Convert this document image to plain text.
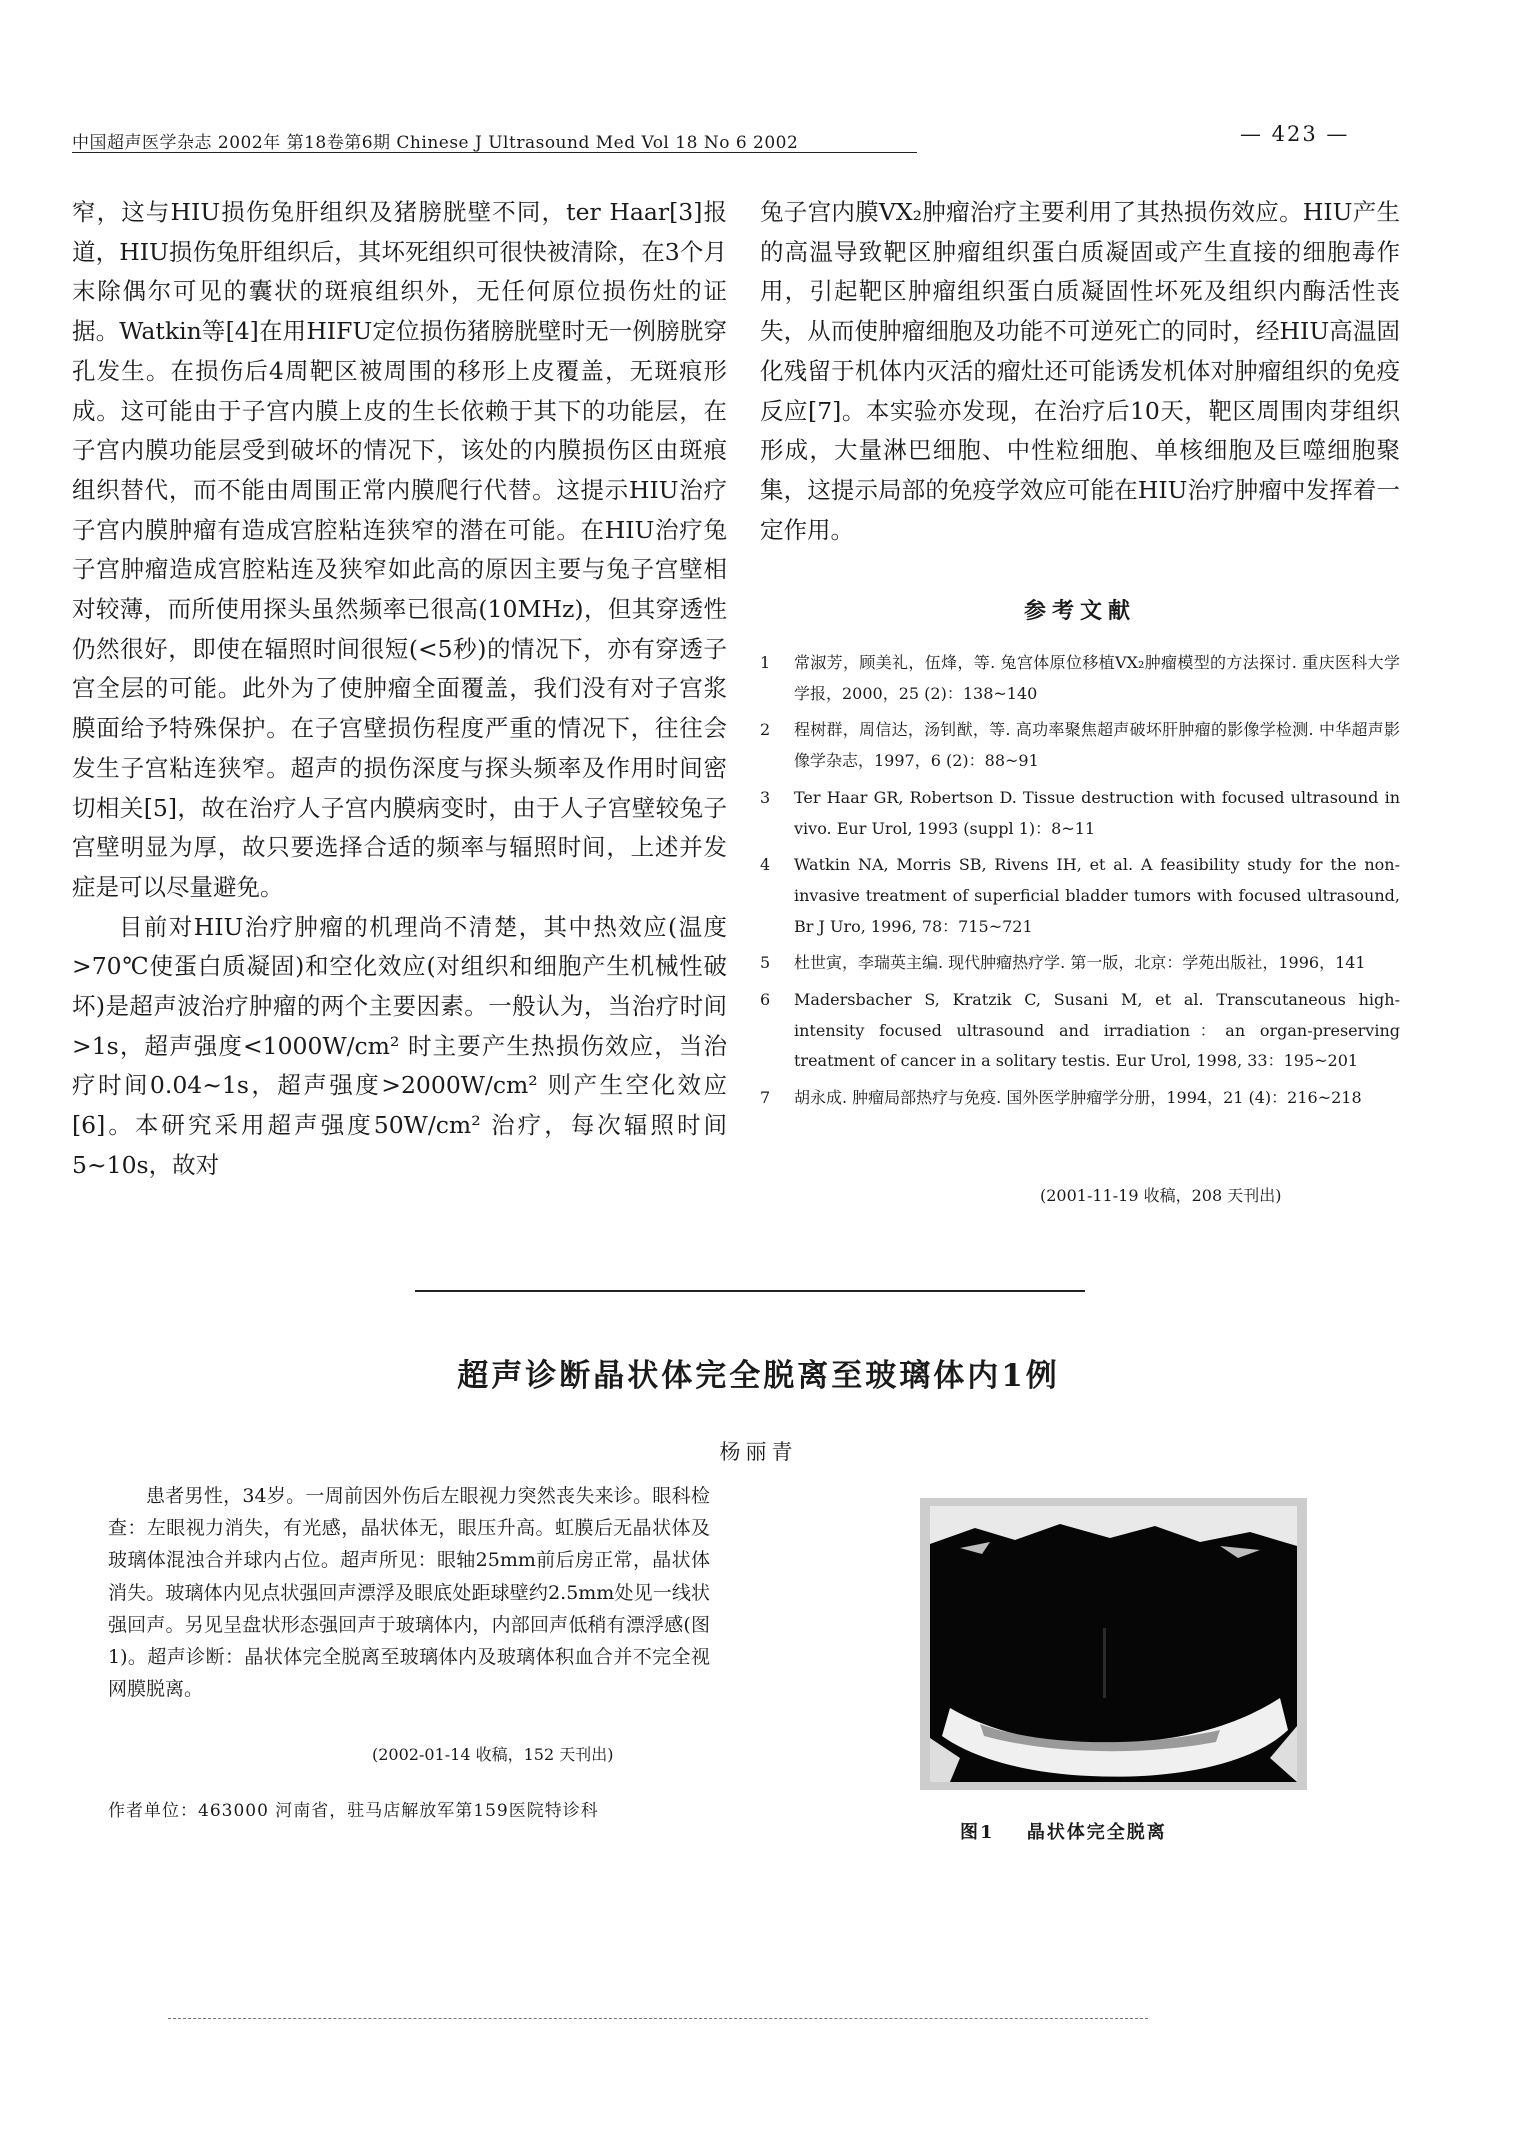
中国超声医学杂志 2002年 第18卷第6期 Chinese J Ultrasound Med Vol 18 No 6 2002	— 423 —

窄，这与HIU损伤兔肝组织及猪膀胱壁不同，ter Haar[3]报道，HIU损伤兔肝组织后，其坏死组织可很快被清除，在3个月末除偶尔可见的囊状的斑痕组织外，无任何原位损伤灶的证据。Watkin等[4]在用HIFU定位损伤猪膀胱壁时无一例膀胱穿孔发生。在损伤后4周靶区被周围的移形上皮覆盖，无斑痕形成。这可能由于子宫内膜上皮的生长依赖于其下的功能层，在子宫内膜功能层受到破坏的情况下，该处的内膜损伤区由斑痕组织替代，而不能由周围正常内膜爬行代替。这提示HIU治疗子宫内膜肿瘤有造成宫腔粘连狭窄的潜在可能。在HIU治疗兔子宫肿瘤造成宫腔粘连及狭窄如此高的原因主要与兔子宫壁相对较薄，而所使用探头虽然频率已很高(10MHz)，但其穿透性仍然很好，即使在辐照时间很短(<5秒)的情况下，亦有穿透子宫全层的可能。此外为了使肿瘤全面覆盖，我们没有对子宫浆膜面给予特殊保护。在子宫壁损伤程度严重的情况下，往往会发生子宫粘连狭窄。超声的损伤深度与探头频率及作用时间密切相关[5]，故在治疗人子宫内膜病变时，由于人子宫壁较兔子宫壁明显为厚，故只要选择合适的频率与辐照时间，上述并发症是可以尽量避免。

目前对HIU治疗肿瘤的机理尚不清楚，其中热效应(温度>70℃使蛋白质凝固)和空化效应(对组织和细胞产生机械性破坏)是超声波治疗肿瘤的两个主要因素。一般认为，当治疗时间>1s，超声强度<1000W/cm² 时主要产生热损伤效应，当治疗时间0.04~1s，超声强度>2000W/cm² 则产生空化效应[6]。本研究采用超声强度50W/cm² 治疗，每次辐照时间5~10s，故对

兔子宫内膜VX₂肿瘤治疗主要利用了其热损伤效应。HIU产生的高温导致靶区肿瘤组织蛋白质凝固或产生直接的细胞毒作用，引起靶区肿瘤组织蛋白质凝固性坏死及组织内酶活性丧失，从而使肿瘤细胞及功能不可逆死亡的同时，经HIU高温固化残留于机体内灭活的瘤灶还可能诱发机体对肿瘤组织的免疫反应[7]。本实验亦发现，在治疗后10天，靶区周围肉芽组织形成，大量淋巴细胞、中性粒细胞、单核细胞及巨噬细胞聚集，这提示局部的免疫学效应可能在HIU治疗肿瘤中发挥着一定作用。

参考文献
1 常淑芳，顾美礼，伍烽，等. 兔宫体原位移植VX₂肿瘤模型的方法探讨. 重庆医科大学学报，2000，25 (2)：138~140
2 程树群，周信达，汤钊猷，等. 高功率聚焦超声破坏肝肿瘤的影像学检测. 中华超声影像学杂志，1997，6 (2)：88~91
3 Ter Haar GR, Robertson D. Tissue destruction with focused ultrasound in vivo. Eur Urol, 1993 (suppl 1)：8~11
4 Watkin NA, Morris SB, Rivens IH, et al. A feasibility study for the non-invasive treatment of superficial bladder tumors with focused ultrasound, Br J Uro, 1996, 78：715~721
5 杜世寅，李瑞英主编. 现代肿瘤热疗学. 第一版，北京：学苑出版社，1996，141
6 Madersbacher S, Kratzik C, Susani M, et al. Transcutaneous high-intensity focused ultrasound and irradiation：an organ-preserving treatment of cancer in a solitary testis. Eur Urol, 1998, 33：195~201
7 胡永成. 肿瘤局部热疗与免疫. 国外医学肿瘤学分册，1994，21 (4)：216~218
(2001-11-19 收稿，208 天刊出)
超声诊断晶状体完全脱离至玻璃体内1例
杨丽青

患者男性，34岁。一周前因外伤后左眼视力突然丧失来诊。眼科检查：左眼视力消失，有光感，晶状体无，眼压升高。虹膜后无晶状体及玻璃体混浊合并球内占位。超声所见：眼轴25mm前后房正常，晶状体消失。玻璃体内见点状强回声漂浮及眼底处距球壁约2.5mm处见一线状强回声。另见呈盘状形态强回声于玻璃体内，内部回声低稍有漂浮感(图1)。超声诊断：晶状体完全脱离至玻璃体内及玻璃体积血合并不完全视网膜脱离。

(2002-01-14 收稿，152 天刊出)
作者单位：463000 河南省，驻马店解放军第159医院特诊科
图1 晶状体完全脱离
